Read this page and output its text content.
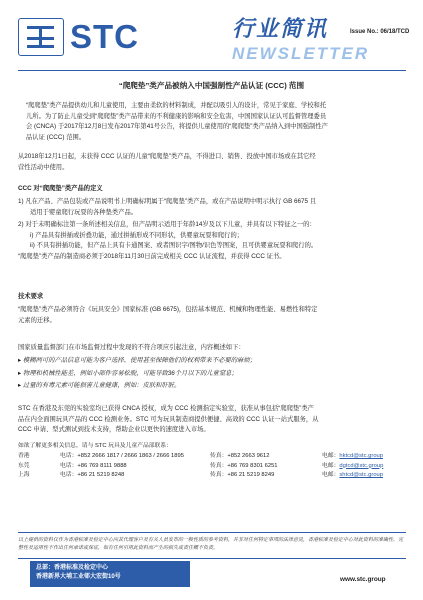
STC	行业简讯
NEWSLETTER
Issue No.: 06/18/TCD
“爬爬垫”类产品被纳入中国强制性产品认证 (CCC) 范围
“爬爬垫”类产品提供幼儿和儿童使用，主要由柔软的材料制成，并配以吸引人的设计，常见于家庭、学校和托
儿所。为了防止儿童受到“爬爬垫”类产品带来的不利健康的影响和安全危害，中国国家认证认可监督管理委员
会 (CNCA) 于2017年12月8日发布2017年第41号公告，将提供儿童使用的“爬爬垫”类产品纳入到中国强制性产
品认证 (CCC) 范围。
从2018年12月1日起，未获得 CCC 认证的儿童“爬爬垫”类产品，不得进口、销售、投放中国市场或在其它经
营性活动中使用。
CCC 对“爬爬垫”类产品的定义
1) 凡在产品、产品包装或产品说明书上明确标明属于“爬爬垫”类产品，或在产品说明中明示执行 GB 6675 且
适用于婴童爬行玩耍的各种垫类产品。
2) 对于未明确标注第一条所述相关信息，但产品明示适用于年龄14岁及以下儿童，并具有以下特征之一的：
i) 产品具有拼插或折叠功能，通过拼插形成不同形状，供婴童玩耍和爬行的；
ii) 不具有拼插功能，但产品上具有卡通图案、或者图识字/图物/识色等图案，且可供婴童玩耍和爬行的。
“爬爬垫”类产品的制造商必须于2018年11月30日前完成相关 CCC 认证流程，并获得 CCC 证书。
技术要求
“爬爬垫”类产品必须符合《玩具安全》国家标准 (GB 6675)，包括基本规范、机械和物理性能、易燃性和特定
元素的迁移。
国家质量监督部门在市场监督过程中发现的不符合项应引起注意，内容概述如下：
▸ 模糊两可的产品信息可能为客户选择、使用甚至保障他们的权利带来不必要的麻烦；
▸ 物理和机械性能差，例如小部件容易松脱，可能导致36个月以下的儿童窒息；
▸ 过量的有毒元素可能损害儿童健康，例如：皮肤和肝脏。
STC 在香港及东莞的实验室均已获得 CNCA 授权，成为 CCC 检测指定实验室，获准从事包括“爬爬垫”类产
品在内全面围玩具产品的 CCC 检测业务。STC 可为玩具制造商提供便捷、高效的 CCC 认证一站式服务，从
CCC 申请、型式测试到技术支持，帮助企业以更快的速度进入市场。
如欲了解更多相关信息，请与 STC 玩具及儿童产品部联系：
香港	电话：+852 2666 1817 / 2666 1863 / 2666 1895	传真：+852 2663 9612	电邮： hktcd@stc.group
东莞	电话：+86 769 8111 9888	传真：+86 769 8301 6251	电邮： dgtcd@stc.group
上海	电话：+86 21 5219 8248	传真：+86 21 5219 8249	电邮： shtcd@stc.group
以上提供的资料仅作为香港标准及检定中心向其代理客户及有关人员发布的一般性质的参考资料，并非对任何特定事项的法律意见，香港标准及检定中心对此资料的准确性、完整性及适用性不作出任何承诺或保证，如有任何引用此资料而产生的损失或责任概不负责。
总部：香港标准及检定中心
香港新界大埔工业邨大宏街10号	www.stc.group
